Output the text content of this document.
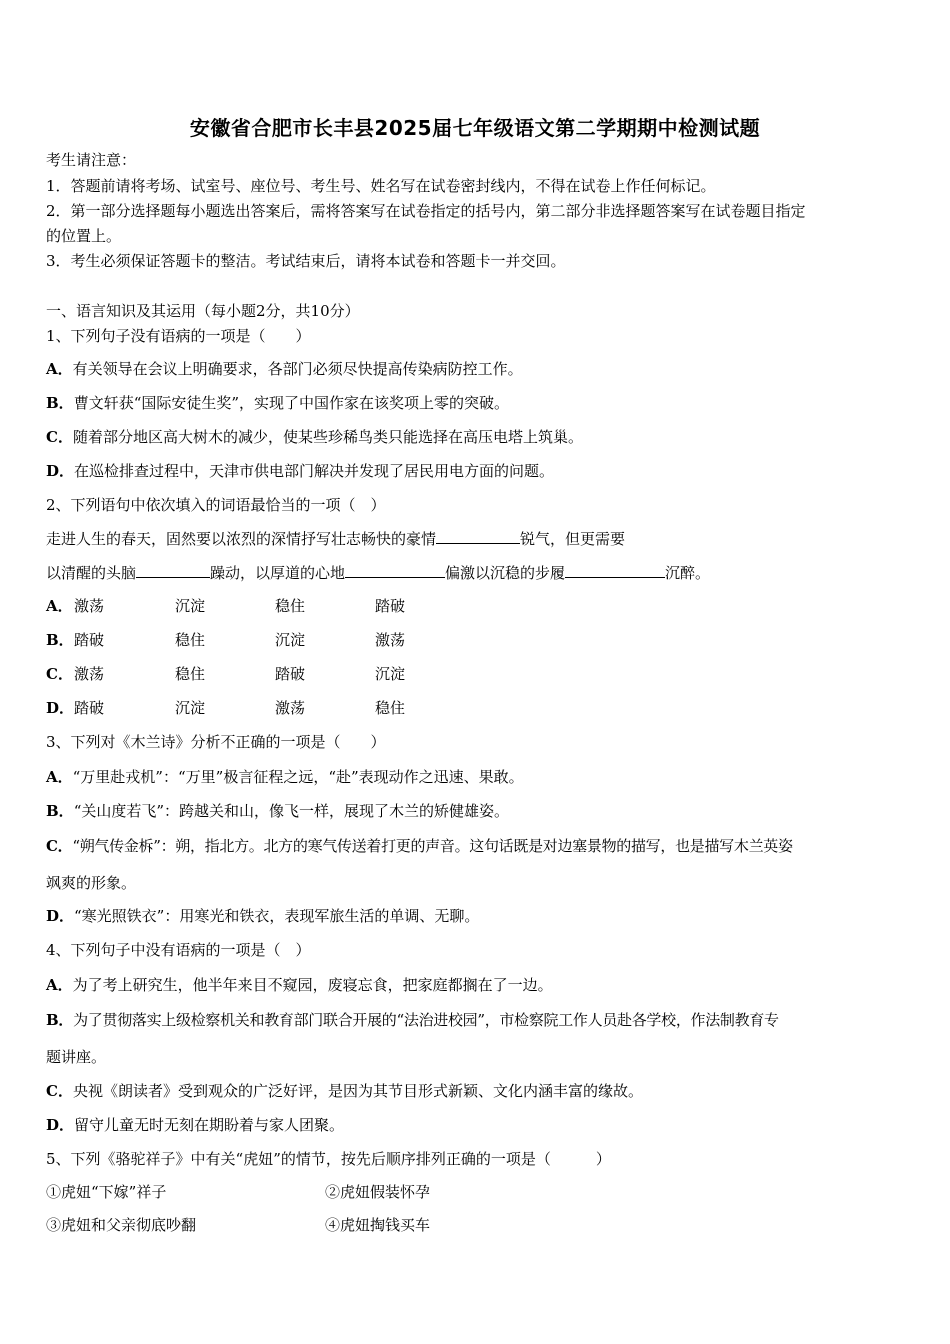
安徽省合肥市长丰县2025届七年级语文第二学期期中检测试题
考生请注意：
1．答题前请将考场、试室号、座位号、考生号、姓名写在试卷密封线内，不得在试卷上作任何标记。
2．第一部分选择题每小题选出答案后，需将答案写在试卷指定的括号内，第二部分非选择题答案写在试卷题目指定
的位置上。
3．考生必须保证答题卡的整洁。考试结束后，请将本试卷和答题卡一并交回。
一、语言知识及其运用（每小题2分，共10分）
1、下列句子没有语病的一项是（　　）
A．有关领导在会议上明确要求，各部门必须尽快提高传染病防控工作。
B．曹文轩获“国际安徒生奖”，实现了中国作家在该奖项上零的突破。
C．随着部分地区高大树木的减少，使某些珍稀鸟类只能选择在高压电塔上筑巢。
D．在巡检排查过程中，天津市供电部门解决并发现了居民用电方面的问题。
2、下列语句中依次填入的词语最恰当的一项（　）
走进人生的春天，固然要以浓烈的深情抒写壮志畅快的豪情	锐气，但更需要
以清醒的头脑	躁动，以厚道的心地	偏激以沉稳的步履	沉醉。
A． 激荡	沉淀	稳住	踏破
B． 踏破	稳住	沉淀	激荡
C． 激荡	稳住	踏破	沉淀
D． 踏破	沉淀	激荡	稳住
3、下列对《木兰诗》分析不正确的一项是（　　）
A．“万里赴戎机”：“万里”极言征程之远，“赴”表现动作之迅速、果敢。
B．“关山度若飞”：跨越关和山，像飞一样，展现了木兰的矫健雄姿。
C．“朔气传金柝”：朔，指北方。北方的寒气传送着打更的声音。这句话既是对边塞景物的描写，也是描写木兰英姿
飒爽的形象。
D．“寒光照铁衣”：用寒光和铁衣，表现军旅生活的单调、无聊。
4、下列句子中没有语病的一项是（　）
A．为了考上研究生，他半年来目不窥园，废寝忘食，把家庭都搁在了一边。
B．为了贯彻落实上级检察机关和教育部门联合开展的“法治进校园”，市检察院工作人员赴各学校，作法制教育专
题讲座。
C．央视《朗读者》受到观众的广泛好评，是因为其节目形式新颖、文化内涵丰富的缘故。
D．留守儿童无时无刻在期盼着与家人团聚。
5、下列《骆驼祥子》中有关“虎妞”的情节，按先后顺序排列正确的一项是（　　　）
①虎妞“下嫁”祥子	②虎妞假装怀孕
③虎妞和父亲彻底吵翻	④虎妞掏钱买车
